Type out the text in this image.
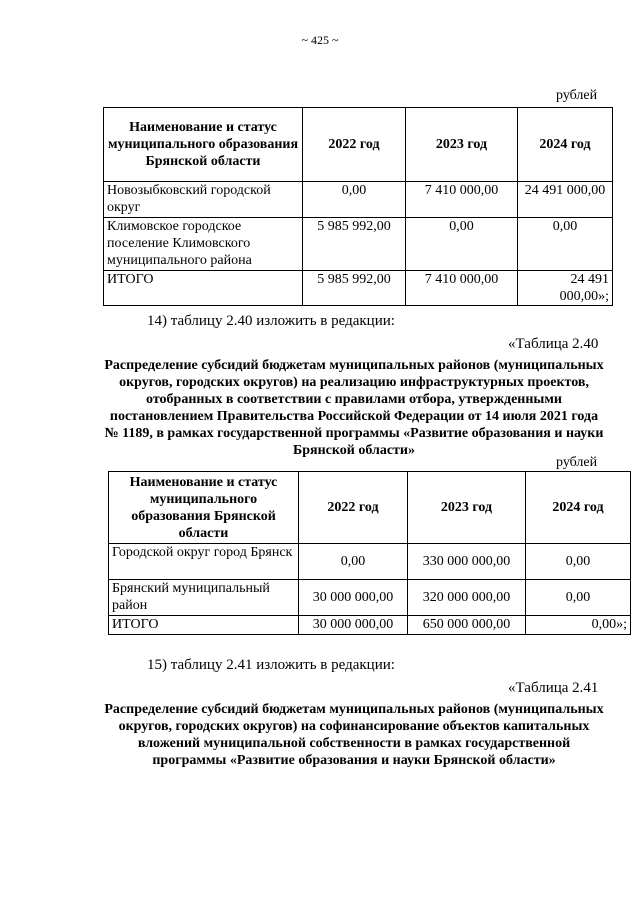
~ 425 ~
рублей
Наименование и статус муниципального образования Брянской области	2022 год	2023 год	2024 год
Новозыбковский городской округ	0,00	7 410 000,00	24 491 000,00
Климовское городское поселение Климовского муниципального района	5 985 992,00	0,00	0,00
ИТОГО	5 985 992,00	7 410 000,00	24 491 000,00»;
14) таблицу 2.40 изложить в редакции:
«Таблица 2.40
Распределение субсидий бюджетам муниципальных районов (муниципальных округов, городских округов) на реализацию инфраструктурных проектов, отобранных в соответствии с правилами отбора, утвержденными постановлением Правительства Российской Федерации от 14 июля 2021 года № 1189, в рамках государственной программы «Развитие образования и науки Брянской области»
рублей
Наименование и статус муниципального образования Брянской области	2022 год	2023 год	2024 год
Городской округ город Брянск	0,00	330 000 000,00	0,00
Брянский муниципальный район	30 000 000,00	320 000 000,00	0,00
ИТОГО	30 000 000,00	650 000 000,00	0,00»;
15) таблицу 2.41 изложить в редакции:
«Таблица 2.41
Распределение субсидий бюджетам муниципальных районов (муниципальных округов, городских округов) на софинансирование объектов капитальных вложений муниципальной собственности в рамках государственной программы «Развитие образования и науки Брянской области»
